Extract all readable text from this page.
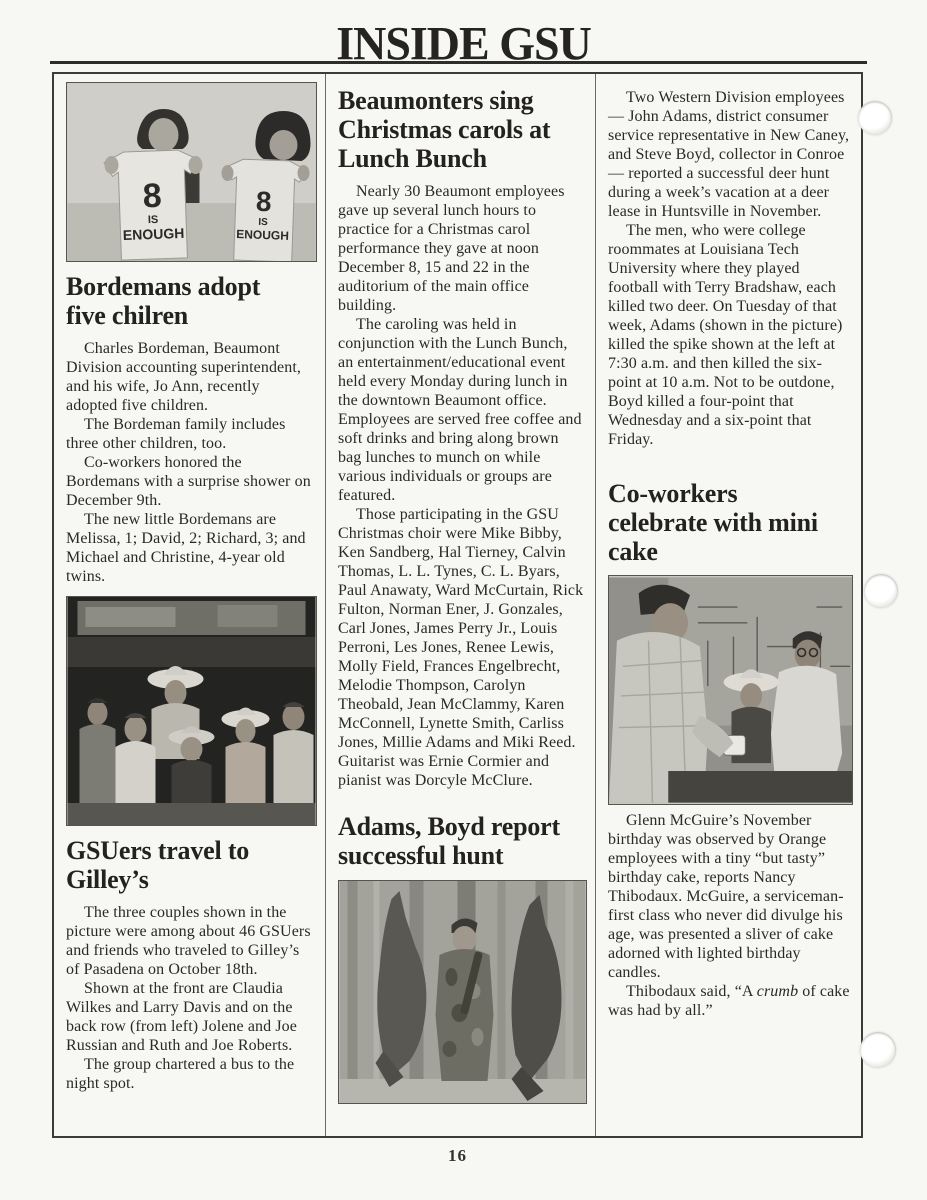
INSIDE GSU
8
IS
ENOUGH
8
IS
ENOUGH
Bordemans adopt five chilren

Charles Bordeman, Beaumont Division accounting superintendent, and his wife, Jo Ann, recently adopted five children.

The Bordeman family includes three other children, too.

Co-workers honored the Bordemans with a surprise shower on December 9th.

The new little Bordemans are Melissa, 1; David, 2; Richard, 3; and Michael and Christine, 4-year old twins.

GSUers travel to Gilley’s

The three couples shown in the picture were among about 46 GSUers and friends who traveled to Gilley’s of Pasadena on October 18th.

Shown at the front are Claudia Wilkes and Larry Davis and on the back row (from left) Jolene and Joe Russian and Ruth and Joe Roberts.

The group chartered a bus to the night spot.

Beaumonters sing Christmas carols at Lunch Bunch

Nearly 30 Beaumont employees gave up several lunch hours to practice for a Christmas carol performance they gave at noon December 8, 15 and 22 in the auditorium of the main office building.

The caroling was held in conjunction with the Lunch Bunch, an entertainment/educational event held every Monday during lunch in the downtown Beaumont office. Employees are served free coffee and soft drinks and bring along brown bag lunches to munch on while various individuals or groups are featured.

Those participating in the GSU Christmas choir were Mike Bibby, Ken Sandberg, Hal Tierney, Calvin Thomas, L. L. Tynes, C. L. Byars, Paul Anawaty, Ward McCurtain, Rick Fulton, Norman Ener, J. Gonzales, Carl Jones, James Perry Jr., Louis Perroni, Les Jones, Renee Lewis, Molly Field, Frances Engelbrecht, Melodie Thompson, Carolyn Theobald, Jean McClammy, Karen McConnell, Lynette Smith, Carliss Jones, Millie Adams and Miki Reed. Guitarist was Ernie Cormier and pianist was Dorcyle McClure.

Adams, Boyd report successful hunt

Two Western Division employees — John Adams, district consumer service representative in New Caney, and Steve Boyd, collector in Conroe — reported a successful deer hunt during a week’s vacation at a deer lease in Huntsville in November.

The men, who were college roommates at Louisiana Tech University where they played football with Terry Bradshaw, each killed two deer. On Tuesday of that week, Adams (shown in the picture) killed the spike shown at the left at 7:30 a.m. and then killed the six-point at 10 a.m. Not to be outdone, Boyd killed a four-point that Wednesday and a six-point that Friday.

Co-workers celebrate with mini cake

Glenn McGuire’s November birthday was observed by Orange employees with a tiny “but tasty” birthday cake, reports Nancy Thibodaux. McGuire, a serviceman-first class who never did divulge his age, was presented a sliver of cake adorned with lighted birthday candles.

Thibodaux said, “A crumb of cake was had by all.”

16
